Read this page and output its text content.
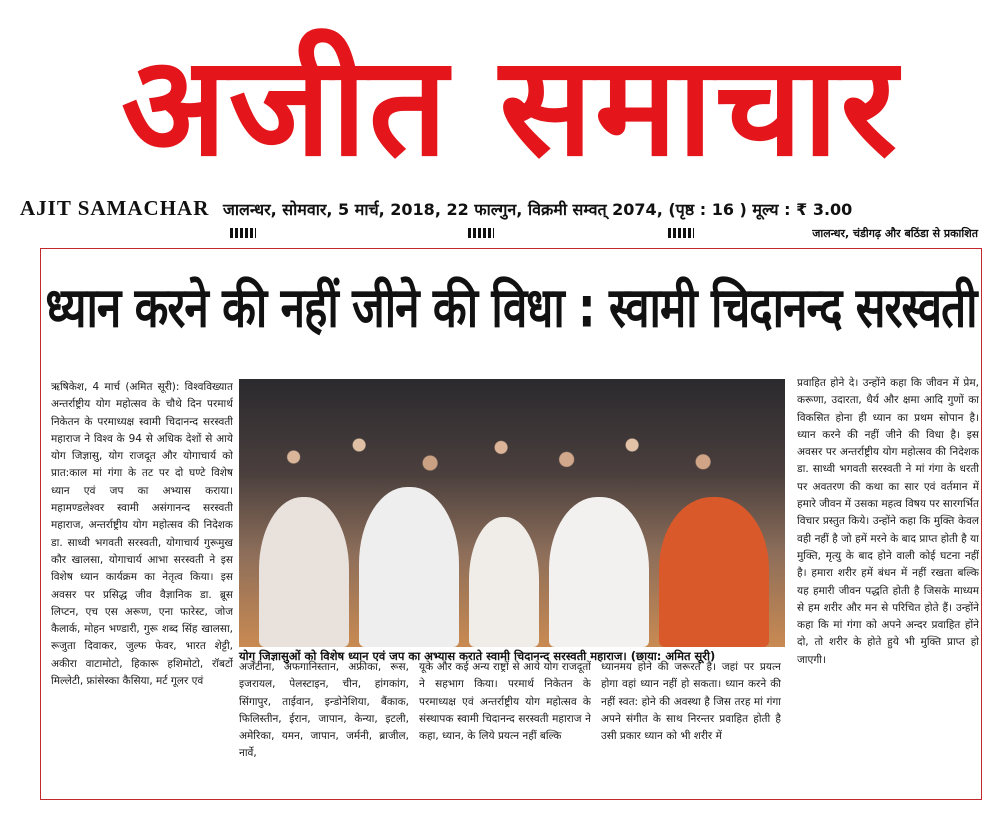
अजीत समाचार
AJIT SAMACHAR जालन्धर, सोमवार, 5 मार्च, 2018, 22 फाल्गुन, विक्रमी सम्वत् 2074, (पृष्ठ : 16 ) मूल्य : ₹ 3.00
जालन्धर, चंडीगढ़ और बठिंडा से प्रकाशित
ध्यान करने की नहीं जीने की विधा : स्वामी चिदानन्द सरस्वती
ऋषिकेश, 4 मार्च (अमित सूरी): विश्वविख्यात अन्तर्राष्ट्रीय योग महोत्सव के चौथे दिन परमार्थ निकेतन के परमाध्यक्ष स्वामी चिदानन्द सरस्वती महाराज ने विश्व के 94 से अधिक देशों से आये योग जिज्ञासु, योग राजदूत और योगाचार्य को प्रात:काल मां गंगा के तट पर दो घण्टे विशेष ध्यान एवं जप का अभ्यास कराया। महामण्डलेश्वर स्वामी असंगानन्द सरस्वती महाराज, अन्तर्राष्ट्रीय योग महोत्सव की निदेशक डा. साध्वी भगवती सरस्वती, योगाचार्य गुरूमुख कौर खालसा, योगाचार्य आभा सरस्वती ने इस विशेष ध्यान कार्यक्रम का नेतृत्व किया। इस अवसर पर प्रसिद्ध जीव वैज्ञानिक डा. ब्रूस लिप्टन, एच एस अरूण, एना फारेस्ट, जोज कैलार्क, मोहन भण्डारी, गुरू शब्द सिंह खालसा, रूजुता दिवाकर, जुल्फ फेवर, भारत शेट्टी, अकीरा वाटामोटो, हिकारू हशिमोटो, रॉबर्टो मिल्लेटी, फ्रांसेस्का कैसिया, मर्ट गूलर एवं
योग जिज्ञासुओं को विशेष ध्यान एवं जप का अभ्यास कराते स्वामी चिदानन्द सरस्वती महाराज। (छाया: अमित सूरी)
अर्जेंटीना, अफगानिस्तान, अफ्रीका, रूस, इजरायल, पेलस्टाइन, चीन, हांगकांग, सिंगापुर, ताईवान, इन्डोनेशिया, बैंकाक, फिलिस्तीन, ईरान, जापान, केन्या, इटली, अमेरिका, यमन, जापान, जर्मनी, ब्राजील, नार्वे,
यूके और कई अन्य राष्ट्रों से आये योग राजदूतों ने सहभाग किया। परमार्थ निकेतन के परमाध्यक्ष एवं अन्तर्राष्ट्रीय योग महोत्सव के संस्थापक स्वामी चिदानन्द सरस्वती महाराज ने कहा, ध्यान, के लिये प्रयत्न नहीं बल्कि
ध्यानमय होने की जरूरत है। जहां पर प्रयत्न होगा वहां ध्यान नहीं हो सकता। ध्यान करने की नहीं स्वत: होने की अवस्था है जिस तरह मां गंगा अपने संगीत के साथ निरन्तर प्रवाहित होती है उसी प्रकार ध्यान को भी शरीर में
प्रवाहित होने दे। उन्होंने कहा कि जीवन में प्रेम, करूणा, उदारता, धैर्य और क्षमा आदि गुणों का विकसित होना ही ध्यान का प्रथम सोपान है। ध्यान करने की नहीं जीने की विधा है। इस अवसर पर अन्तर्राष्ट्रीय योग महोत्सव की निदेशक डा. साध्वी भगवती सरस्वती ने मां गंगा के धरती पर अवतरण की कथा का सार एवं वर्तमान में हमारे जीवन में उसका महत्व विषय पर सारगर्भित विचार प्रस्तुत किये। उन्होंने कहा कि मुक्ति केवल वही नहीं है जो हमें मरने के बाद प्राप्त होती है या मुक्ति, मृत्यु के बाद होने वाली कोई घटना नहीं है। हमारा शरीर हमें बंधन में नहीं रखता बल्कि यह हमारी जीवन पद्धति होती है जिसके माध्यम से हम शरीर और मन से परिचित होते हैं। उन्होंने कहा कि मां गंगा को अपने अन्दर प्रवाहित होंने दो, तो शरीर के होते हुये भी मुक्ति प्राप्त हो जाएगी।
